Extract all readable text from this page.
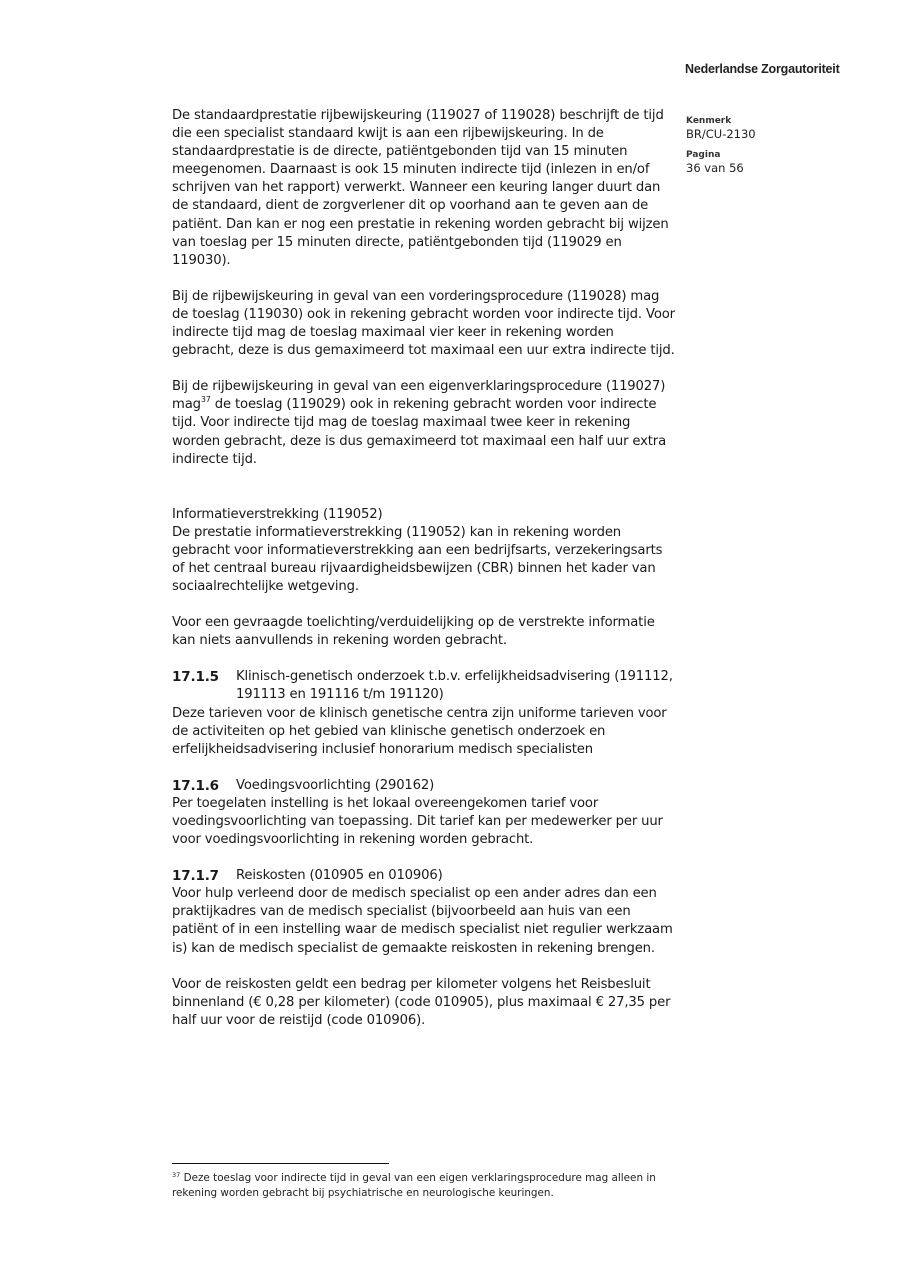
Nederlandse Zorgautoriteit
Kenmerk
BR/CU-2130
Pagina
36 van 56

De standaardprestatie rijbewijskeuring (119027 of 119028) beschrijft de tijd die een specialist standaard kwijt is aan een rijbewijskeuring. In de standaardprestatie is de directe, patiëntgebonden tijd van 15 minuten meegenomen. Daarnaast is ook 15 minuten indirecte tijd (inlezen in en/of schrijven van het rapport) verwerkt. Wanneer een keuring langer duurt dan de standaard, dient de zorgverlener dit op voorhand aan te geven aan de patiënt. Dan kan er nog een prestatie in rekening worden gebracht bij wijzen van toeslag per 15 minuten directe, patiëntgebonden tijd (119029 en 119030).

Bij de rijbewijskeuring in geval van een vorderingsprocedure (119028) mag de toeslag (119030) ook in rekening gebracht worden voor indirecte tijd. Voor indirecte tijd mag de toeslag maximaal vier keer in rekening worden gebracht, deze is dus gemaximeerd tot maximaal een uur extra indirecte tijd.

Bij de rijbewijskeuring in geval van een eigenverklaringsprocedure (119027) mag$^{37}$ de toeslag (119029) ook in rekening gebracht worden voor indirecte tijd. Voor indirecte tijd mag de toeslag maximaal twee keer in rekening worden gebracht, deze is dus gemaximeerd tot maximaal een half uur extra indirecte tijd.

Informatieverstrekking (119052)

De prestatie informatieverstrekking (119052) kan in rekening worden gebracht voor informatieverstrekking aan een bedrijfsarts, verzekeringsarts of het centraal bureau rijvaardigheidsbewijzen (CBR) binnen het kader van sociaalrechtelijke wetgeving.

Voor een gevraagde toelichting/verduidelijking op de verstrekte informatie kan niets aanvullends in rekening worden gebracht.

17.1.5	Klinisch-genetisch onderzoek t.b.v. erfelijkheidsadvisering (191112, 191113 en 191116 t/m 191120)

Deze tarieven voor de klinisch genetische centra zijn uniforme tarieven voor de activiteiten op het gebied van klinische genetisch onderzoek en erfelijkheidsadvisering inclusief honorarium medisch specialisten

17.1.6	Voedingsvoorlichting (290162)

Per toegelaten instelling is het lokaal overeengekomen tarief voor voedingsvoorlichting van toepassing. Dit tarief kan per medewerker per uur voor voedingsvoorlichting in rekening worden gebracht.

17.1.7	Reiskosten (010905 en 010906)

Voor hulp verleend door de medisch specialist op een ander adres dan een praktijkadres van de medisch specialist (bijvoorbeeld aan huis van een patiënt of in een instelling waar de medisch specialist niet regulier werkzaam is) kan de medisch specialist de gemaakte reiskosten in rekening brengen.

Voor de reiskosten geldt een bedrag per kilometer volgens het Reisbesluit binnenland (€ 0,28 per kilometer) (code 010905), plus maximaal € 27,35 per half uur voor de reistijd (code 010906).

$^{37}$ Deze toeslag voor indirecte tijd in geval van een eigen verklaringsprocedure mag alleen in rekening worden gebracht bij psychiatrische en neurologische keuringen.
